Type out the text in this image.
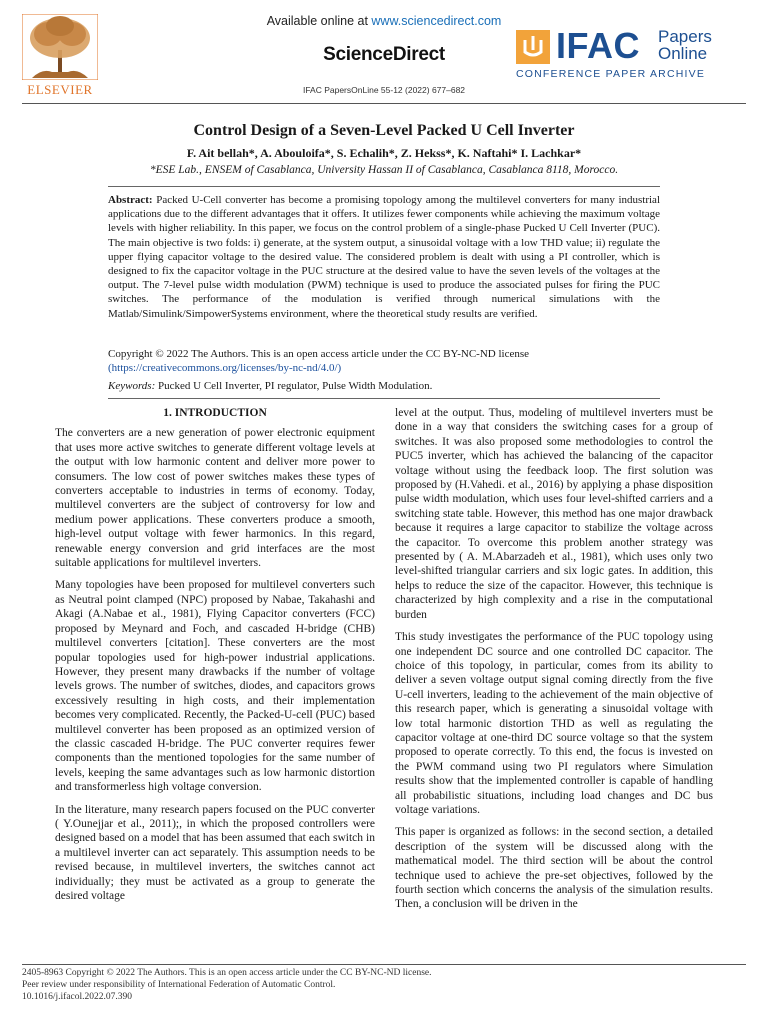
ELSEVIER
Available online at www.sciencedirect.com
ScienceDirect
IFAC PapersOnLine 55-12 (2022) 677–682
IFAC Papers
Online
CONFERENCE PAPER ARCHIVE
Control Design of a Seven-Level Packed U Cell Inverter
F. Ait bellah*, A. Abouloifa*, S. Echalih*, Z. Hekss*, K. Naftahi* I. Lachkar*
*ESE Lab., ENSEM of Casablanca, University Hassan II of Casablanca, Casablanca 8118, Morocco.
Abstract: Packed U-Cell converter has become a promising topology among the multilevel converters for many industrial applications due to the different advantages that it offers. It utilizes fewer components while achieving the maximum voltage levels with higher reliability. In this paper, we focus on the control problem of a single-phase Pucked U Cell Inverter (PUC). The main objective is two folds: i) generate, at the system output, a sinusoidal voltage with a low THD value; ii) regulate the upper flying capacitor voltage to the desired value. The considered problem is dealt with using a PI controller, which is designed to fix the capacitor voltage in the PUC structure at the desired value to have the seven levels of the voltages at the output. The 7-level pulse width modulation (PWM) technique is used to produce the associated pulses for firing the PUC switches. The performance of the modulation is verified through numerical simulations with the Matlab/Simulink/SimpowerSystems environment, where the theoretical study results are verified.
Copyright © 2022 The Authors. This is an open access article under the CC BY-NC-ND license
(https://creativecommons.org/licenses/by-nc-nd/4.0/)
Keywords: Pucked U Cell Inverter, PI regulator, Pulse Width Modulation.
1. INTRODUCTION

The converters are a new generation of power electronic equipment that uses more active switches to generate different voltage levels at the output with low harmonic content and deliver more power to consumers. The low cost of power switches makes these types of converters acceptable to industries in terms of economy. Today, multilevel converters are the subject of controversy for low and medium power applications. These converters produce a smooth, high-level output voltage with fewer harmonics. In this regard, renewable energy conversion and grid interfaces are the most suitable applications for multilevel inverters.

Many topologies have been proposed for multilevel converters such as Neutral point clamped (NPC) proposed by Nabae, Takahashi and Akagi (A.Nabae et al., 1981), Flying Capacitor converters (FCC) proposed by Meynard and Foch, and cascaded H-bridge (CHB) multilevel converters [citation]. These converters are the most popular topologies used for high-power industrial applications. However, they present many drawbacks if the number of voltage levels grows. The number of switches, diodes, and capacitors grows excessively resulting in high costs, and their implementation becomes very complicated. Recently, the Packed-U-cell (PUC) based multilevel converter has been proposed as an optimized version of the classic cascaded H-bridge. The PUC converter requires fewer components than the mentioned topologies for the same number of levels, keeping the same advantages such as low harmonic distortion and transformerless high voltage conversion.

In the literature, many research papers focused on the PUC converter ( Y.Ounejjar et al., 2011);, in which the proposed controllers were designed based on a model that has been assumed that each switch in a multilevel inverter can act separately. This assumption needs to be revised because, in multilevel inverters, the switches cannot act individually; they must be activated as a group to generate the desired voltage

level at the output. Thus, modeling of multilevel inverters must be done in a way that considers the switching cases for a group of switches. It was also proposed some methodologies to control the PUC5 inverter, which has achieved the balancing of the capacitor voltage without using the feedback loop. The first solution was proposed by (H.Vahedi. et al., 2016) by applying a phase disposition pulse width modulation, which uses four level-shifted carriers and a switching state table. However, this method has one major drawback because it requires a large capacitor to stabilize the voltage across the capacitor. To overcome this problem another strategy was presented by ( A. M.Abarzadeh et al., 1981), which uses only two level-shifted triangular carriers and six logic gates. In addition, this helps to reduce the size of the capacitor. However, this technique is characterized by high complexity and a rise in the computational burden

This study investigates the performance of the PUC topology using one independent DC source and one controlled DC capacitor. The choice of this topology, in particular, comes from its ability to deliver a seven voltage output signal coming directly from the five U-cell inverters, leading to the achievement of the main objective of this research paper, which is generating a sinusoidal voltage with low total harmonic distortion THD as well as regulating the capacitor voltage at one-third DC source voltage so that the system proposed to operate correctly. To this end, the focus is invested on the PWM command using two PI regulators where Simulation results show that the implemented controller is capable of handling all probabilistic situations, including load changes and DC bus voltage variations.

This paper is organized as follows: in the second section, a detailed description of the system will be discussed along with the mathematical model. The third section will be about the control technique used to achieve the pre-set objectives, followed by the fourth section which concerns the analysis of the simulation results. Then, a conclusion will be driven in the

2405-8963 Copyright © 2022 The Authors. This is an open access article under the CC BY-NC-ND license.
Peer review under responsibility of International Federation of Automatic Control.
10.1016/j.ifacol.2022.07.390
